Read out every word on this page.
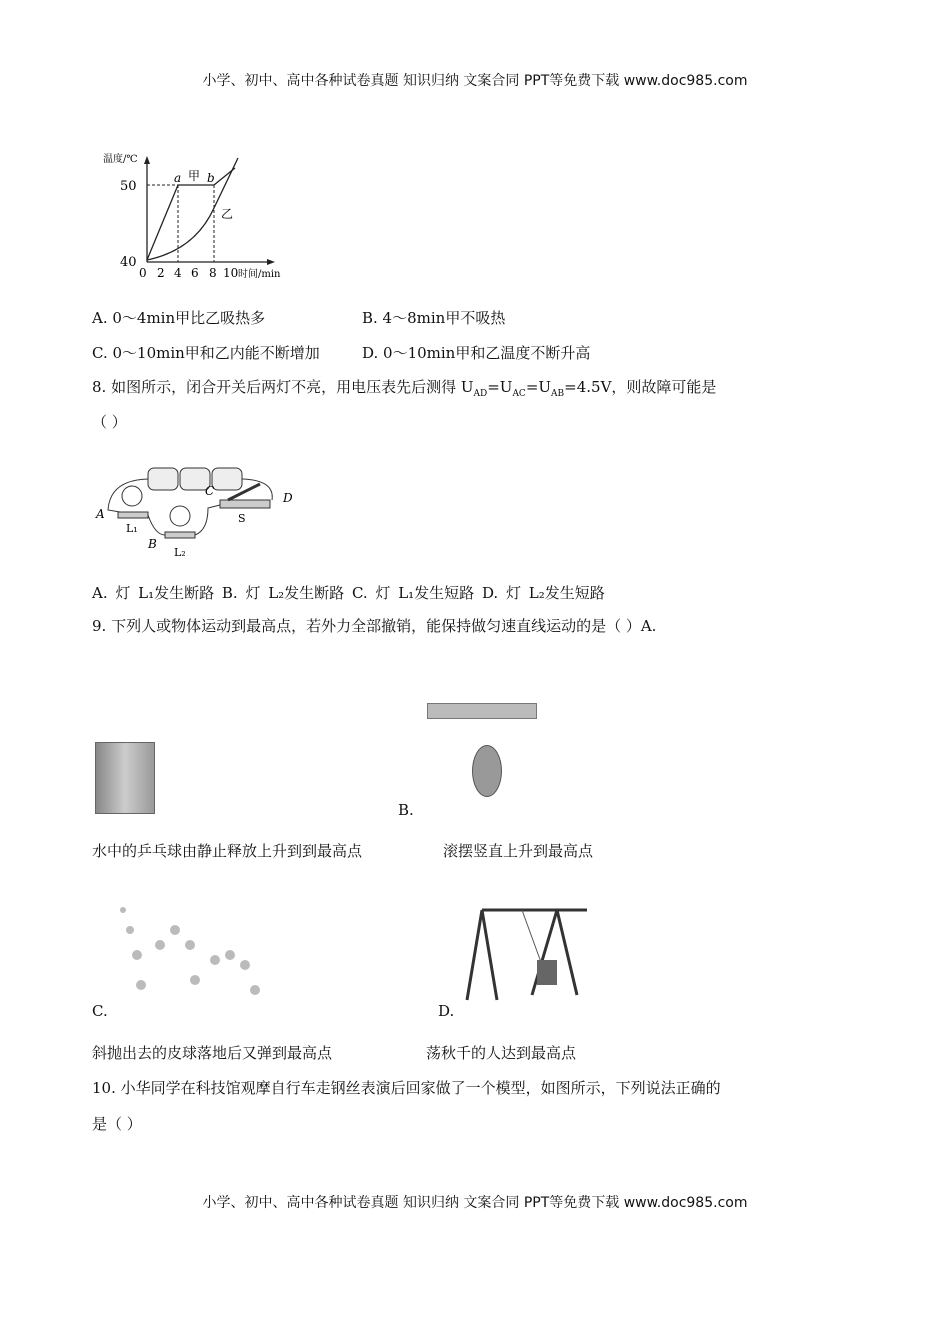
小学、初中、高中各种试卷真题 知识归纳 文案合同 PPT等免费下载 www.doc985.com
温度/℃
50
40
0 2 4 6 8 10 时间/min
a b
甲
乙
A. 0～4min甲比乙吸热多	B. 4～8min甲不吸热
C. 0～10min甲和乙内能不断增加	D. 0～10min甲和乙温度不断升高
8. 如图所示，闭合开关后两灯不亮，用电压表先后测得 $U_{AD}=U_{AC}=U_{AB}=4.5V$，则故障可能是
（ ）
A
B
C	D
L₁
L₂
S
A. 灯 L₁发生断路 B. 灯 L₂发生断路 C. 灯 L₁发生短路 D. 灯 L₂发生短路
9. 下列人或物体运动到最高点，若外力全部撤销，能保持做匀速直线运动的是（ ）A.
B.
水中的乒乓球由静止释放上升到到最高点	滚摆竖直上升到最高点
C.	D.
斜抛出去的皮球落地后又弹到最高点	荡秋千的人达到最高点
10. 小华同学在科技馆观摩自行车走钢丝表演后回家做了一个模型，如图所示，下列说法正确的
是（ ）
小学、初中、高中各种试卷真题 知识归纳 文案合同 PPT等免费下载 www.doc985.com
